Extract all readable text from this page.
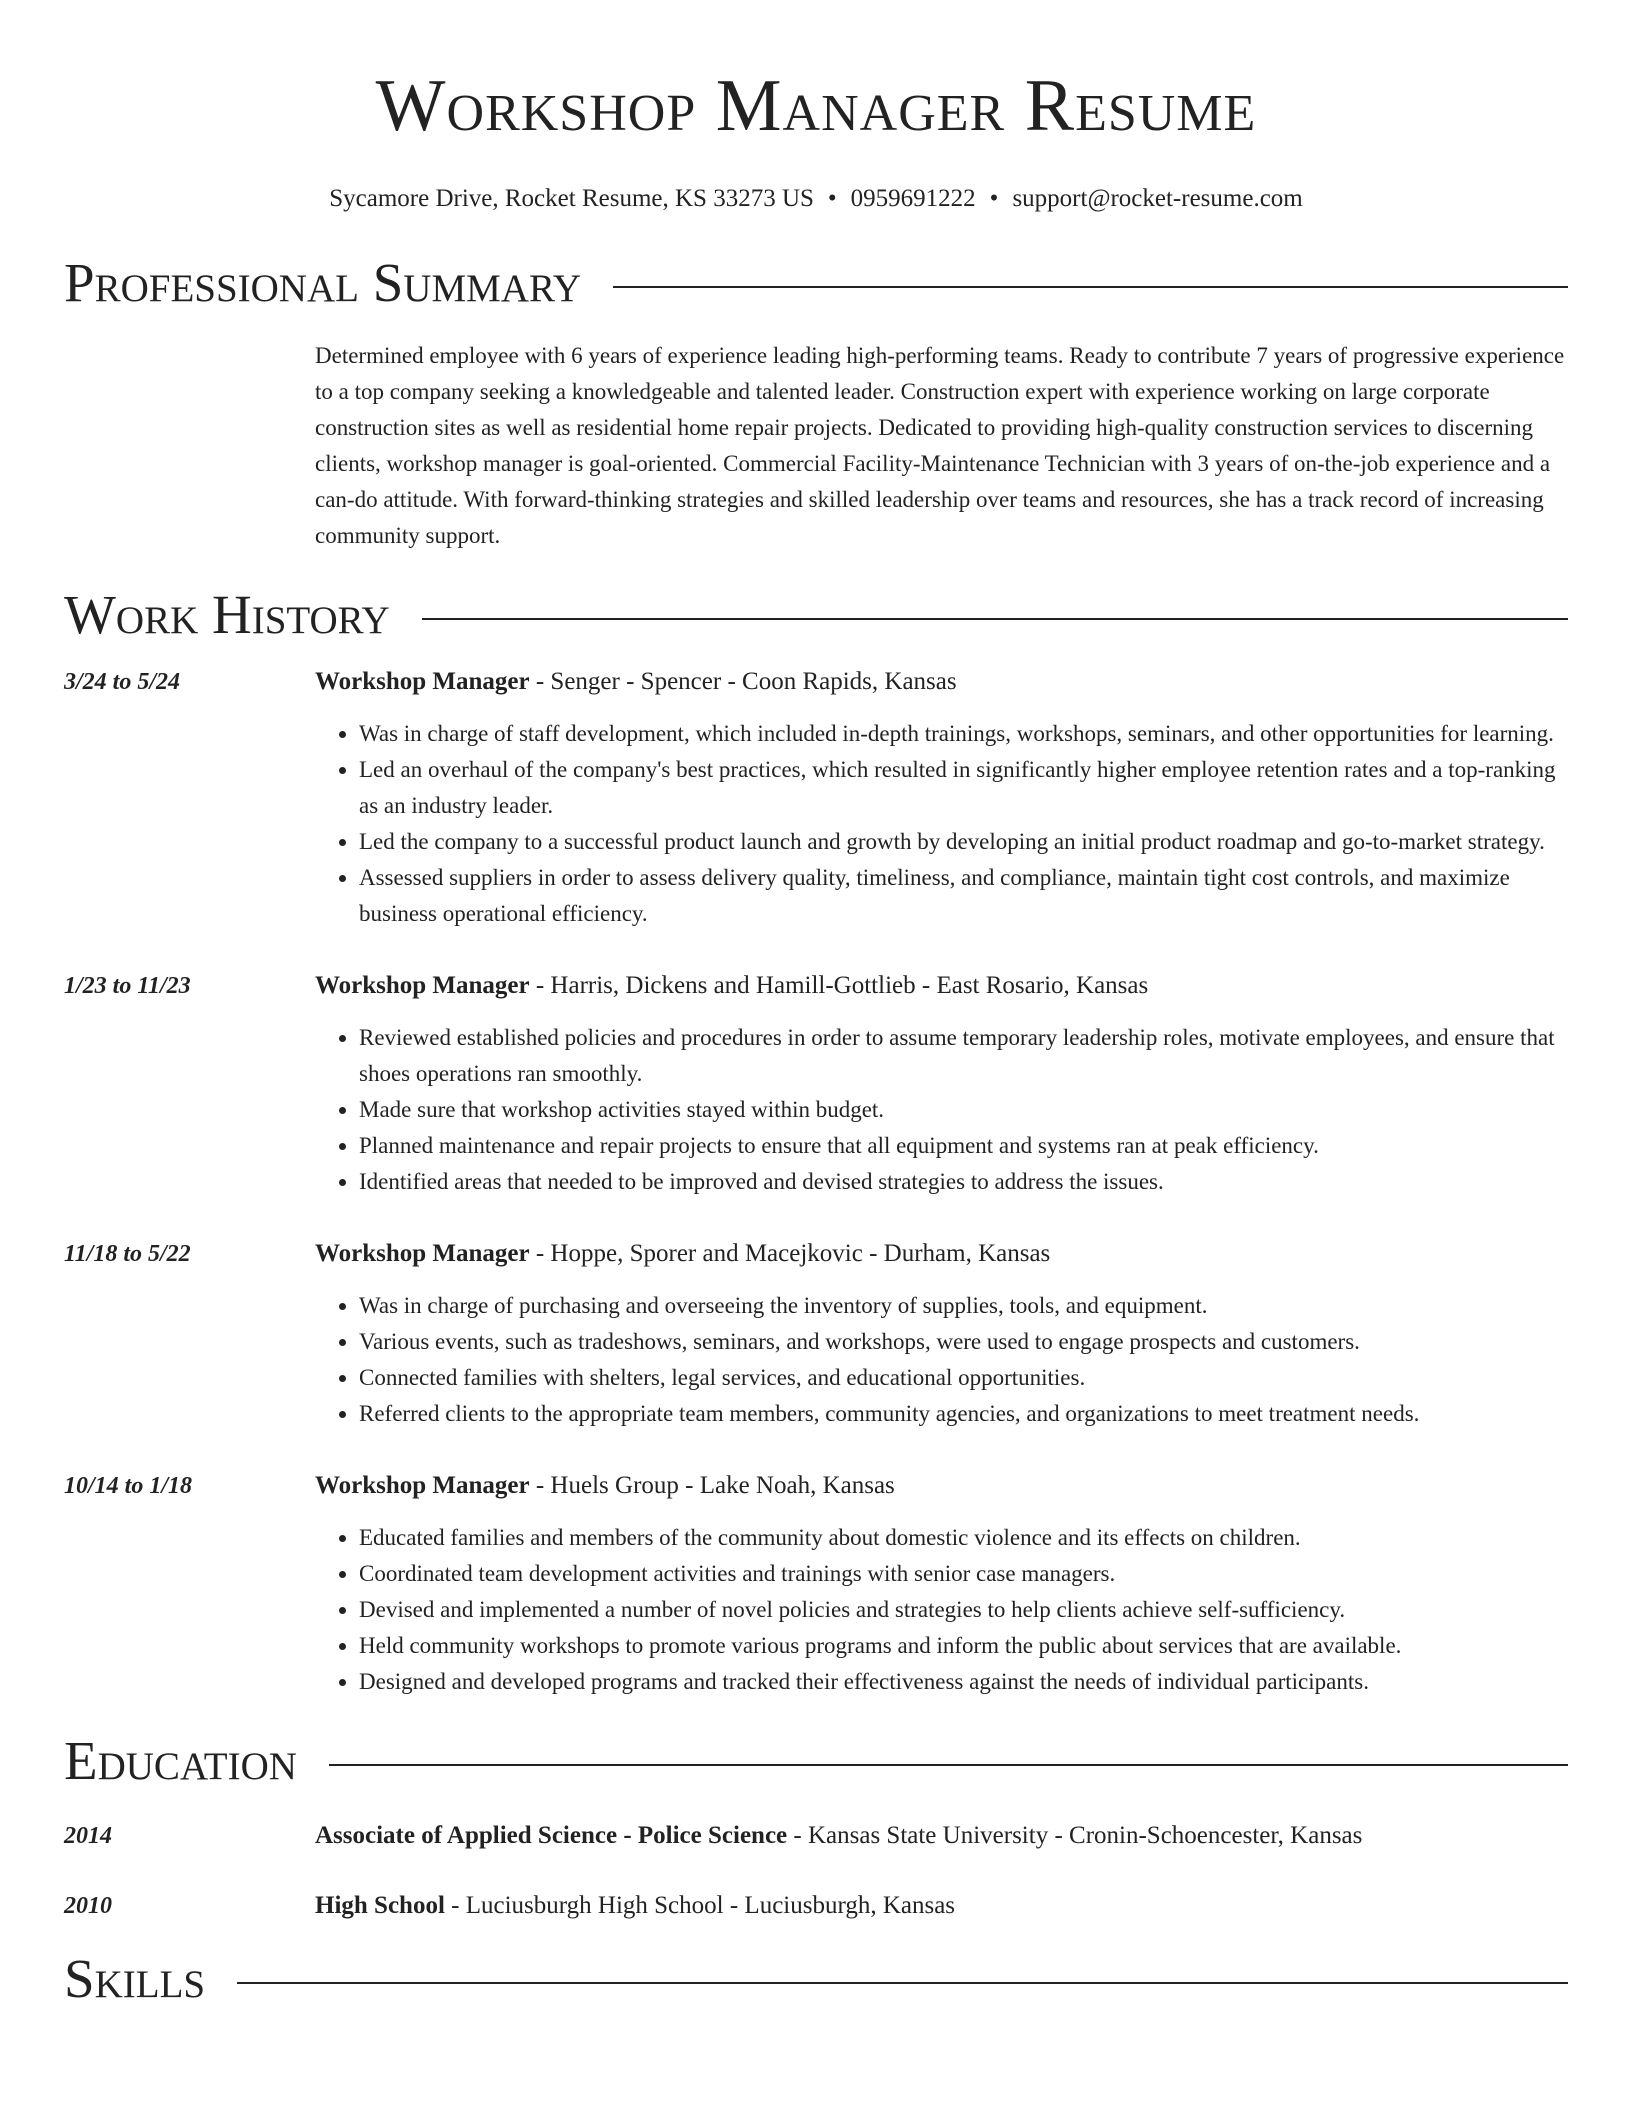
Workshop Manager Resume
Sycamore Drive, Rocket Resume, KS 33273 US • 0959691222 • support@rocket-resume.com
Professional Summary
Determined employee with 6 years of experience leading high-performing teams. Ready to contribute 7 years of progressive experience to a top company seeking a knowledgeable and talented leader. Construction expert with experience working on large corporate construction sites as well as residential home repair projects. Dedicated to providing high-quality construction services to discerning clients, workshop manager is goal-oriented. Commercial Facility-Maintenance Technician with 3 years of on-the-job experience and a can-do attitude. With forward-thinking strategies and skilled leadership over teams and resources, she has a track record of increasing community support.
Work History
3/24 to 5/24	Workshop Manager - Senger - Spencer - Coon Rapids, Kansas
• Was in charge of staff development, which included in-depth trainings, workshops, seminars, and other opportunities for learning.
• Led an overhaul of the company's best practices, which resulted in significantly higher employee retention rates and a top-ranking as an industry leader.
• Led the company to a successful product launch and growth by developing an initial product roadmap and go-to-market strategy.
• Assessed suppliers in order to assess delivery quality, timeliness, and compliance, maintain tight cost controls, and maximize business operational efficiency.
1/23 to 11/23	Workshop Manager - Harris, Dickens and Hamill-Gottlieb - East Rosario, Kansas
• Reviewed established policies and procedures in order to assume temporary leadership roles, motivate employees, and ensure that shoes operations ran smoothly.
• Made sure that workshop activities stayed within budget.
• Planned maintenance and repair projects to ensure that all equipment and systems ran at peak efficiency.
• Identified areas that needed to be improved and devised strategies to address the issues.
11/18 to 5/22	Workshop Manager - Hoppe, Sporer and Macejkovic - Durham, Kansas
• Was in charge of purchasing and overseeing the inventory of supplies, tools, and equipment.
• Various events, such as tradeshows, seminars, and workshops, were used to engage prospects and customers.
• Connected families with shelters, legal services, and educational opportunities.
• Referred clients to the appropriate team members, community agencies, and organizations to meet treatment needs.
10/14 to 1/18	Workshop Manager - Huels Group - Lake Noah, Kansas
• Educated families and members of the community about domestic violence and its effects on children.
• Coordinated team development activities and trainings with senior case managers.
• Devised and implemented a number of novel policies and strategies to help clients achieve self-sufficiency.
• Held community workshops to promote various programs and inform the public about services that are available.
• Designed and developed programs and tracked their effectiveness against the needs of individual participants.
Education
2014	Associate of Applied Science - Police Science - Kansas State University - Cronin-Schoencester, Kansas
2010	High School - Luciusburgh High School - Luciusburgh, Kansas
Skills
